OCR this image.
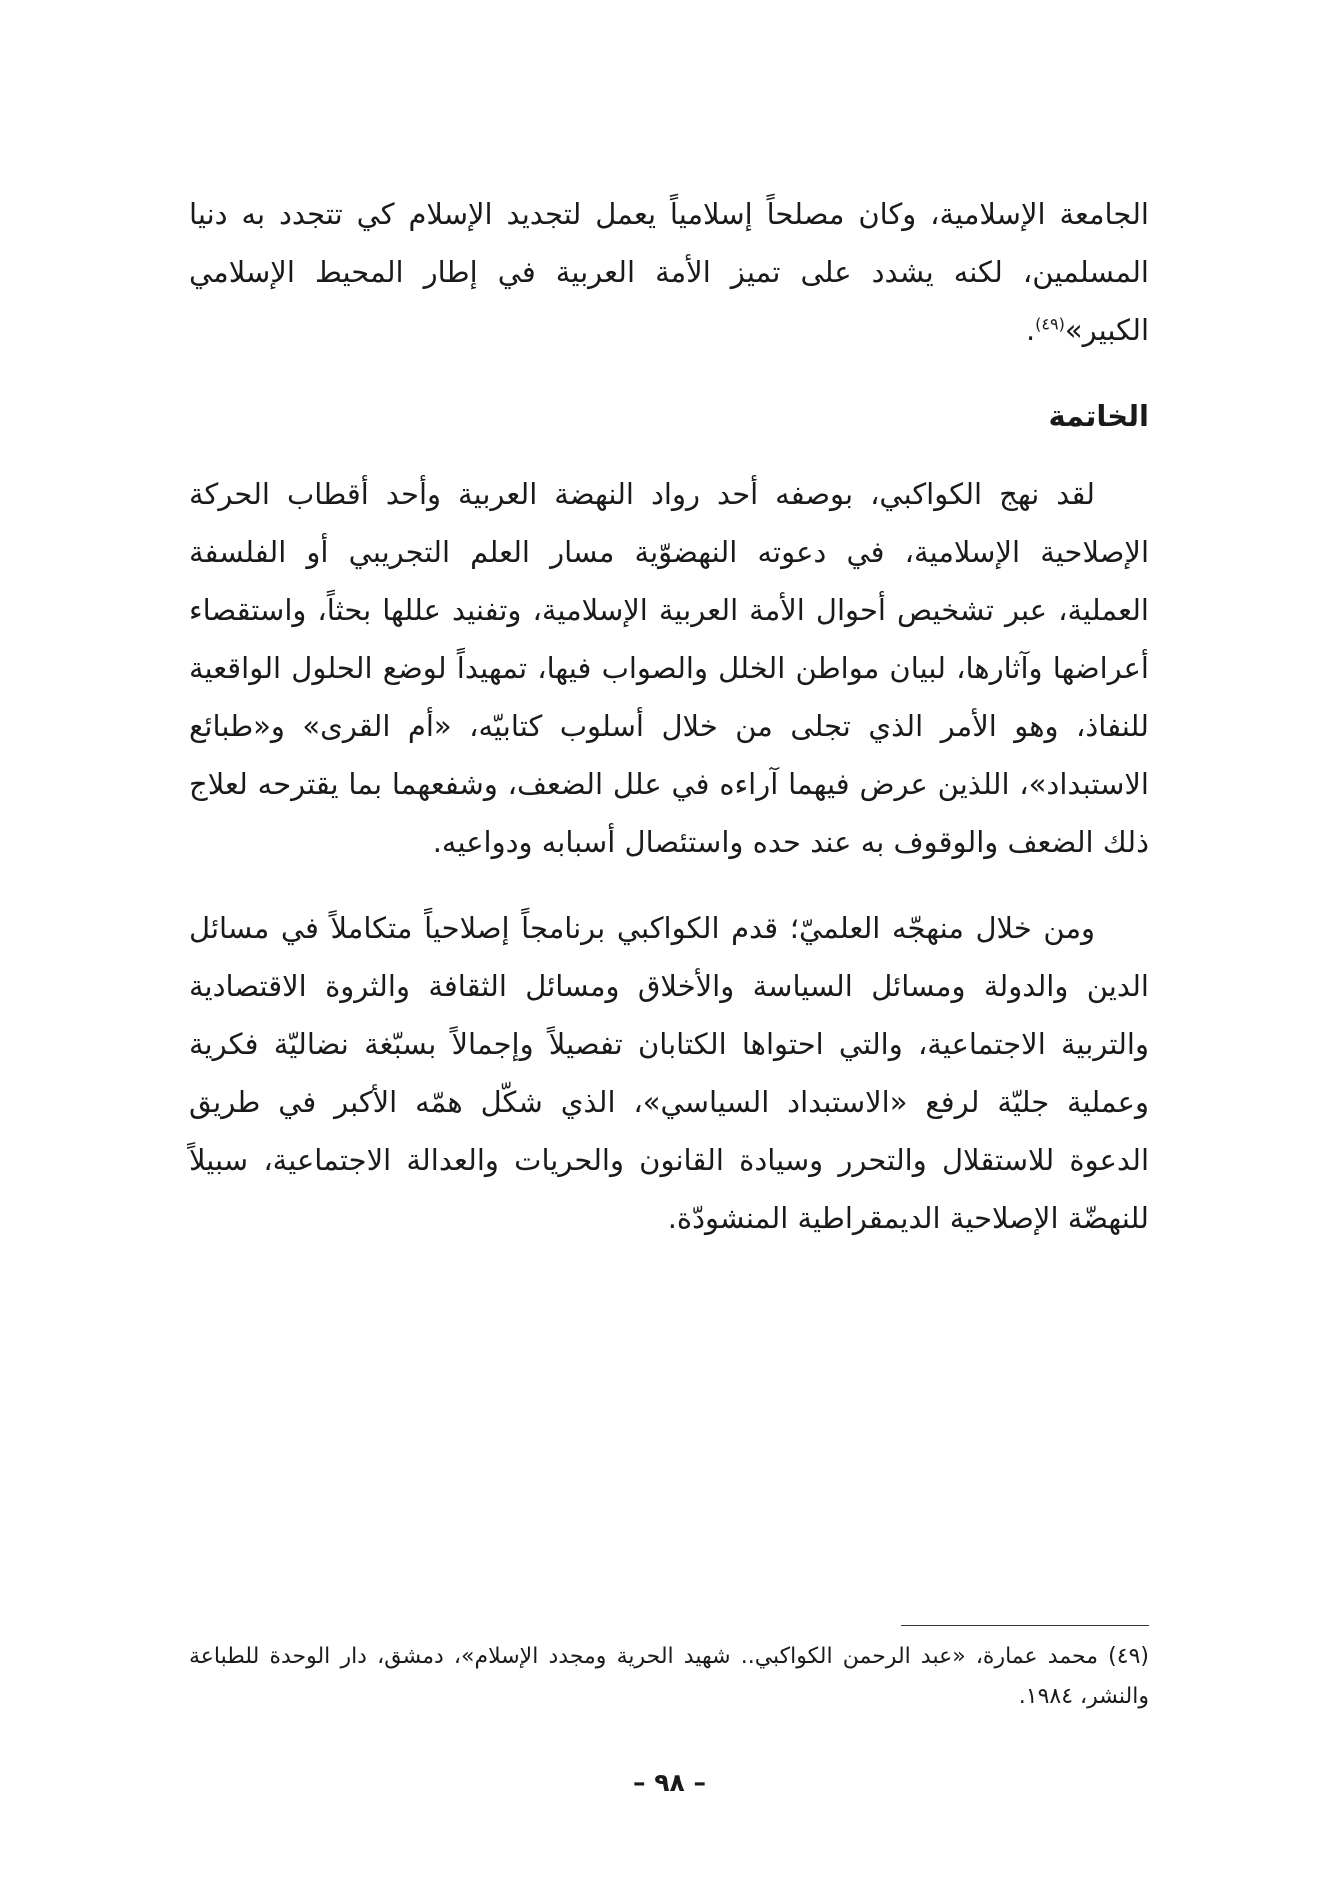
الجامعة الإسلامية، وكان مصلحاً إسلامياً يعمل لتجديد الإسلام كي تتجدد به دنيا المسلمين، لكنه يشدد على تميز الأمة العربية في إطار المحيط الإسلامي الكبير»$^{(٤٩)}$.

الخاتمة

لقد نهج الكواكبي، بوصفه أحد رواد النهضة العربية وأحد أقطاب الحركة الإصلاحية الإسلامية، في دعوته النهضوّية مسار العلم التجريبي أو الفلسفة العملية، عبر تشخيص أحوال الأمة العربية الإسلامية، وتفنيد عللها بحثاً، واستقصاء أعراضها وآثارها، لبيان مواطن الخلل والصواب فيها، تمهيداً لوضع الحلول الواقعية للنفاذ، وهو الأمر الذي تجلى من خلال أسلوب كتابيّه، «أم القرى» و«طبائع الاستبداد»، اللذين عرض فيهما آراءه في علل الضعف، وشفعهما بما يقترحه لعلاج ذلك الضعف والوقوف به عند حده واستئصال أسبابه ودواعيه.

ومن خلال منهجّه العلميّ؛ قدم الكواكبي برنامجاً إصلاحياً متكاملاً في مسائل الدين والدولة ومسائل السياسة والأخلاق ومسائل الثقافة والثروة الاقتصادية والتربية الاجتماعية، والتي احتواها الكتابان تفصيلاً وإجمالاً بسبّغة نضاليّة فكرية وعملية جليّة لرفع «الاستبداد السياسي»، الذي شكّل همّه الأكبر في طريق الدعوة للاستقلال والتحرر وسيادة القانون والحريات والعدالة الاجتماعية، سبيلاً للنهضّة الإصلاحية الديمقراطية المنشودّة.

(٤٩) محمد عمارة، «عبد الرحمن الكواكبي.. شهيد الحرية ومجدد الإسلام»، دمشق، دار الوحدة للطباعة والنشر، ١٩٨٤.

– ٩٨ –
